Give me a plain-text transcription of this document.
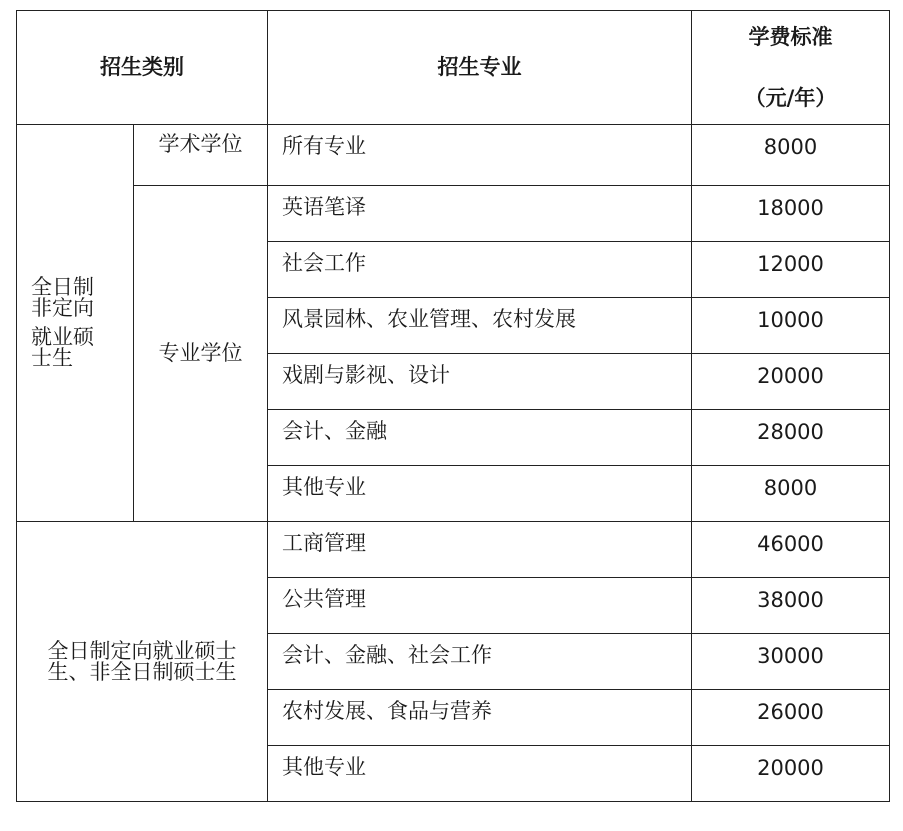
招生类别		招生专业	学费标准
（元/年）

全日制
非定向
就业硕
士生	学术学位	所有专业	8000
	专业学位	英语笔译	18000
		社会工作	12000
		风景园林、农业管理、农村发展	10000
		戏剧与影视、设计	20000
		会计、金融	28000
		其他专业	8000
全日制定向就业硕士
生、非全日制硕士生		工商管理	46000
		公共管理	38000
		会计、金融、社会工作	30000
		农村发展、食品与营养	26000
		其他专业	20000
